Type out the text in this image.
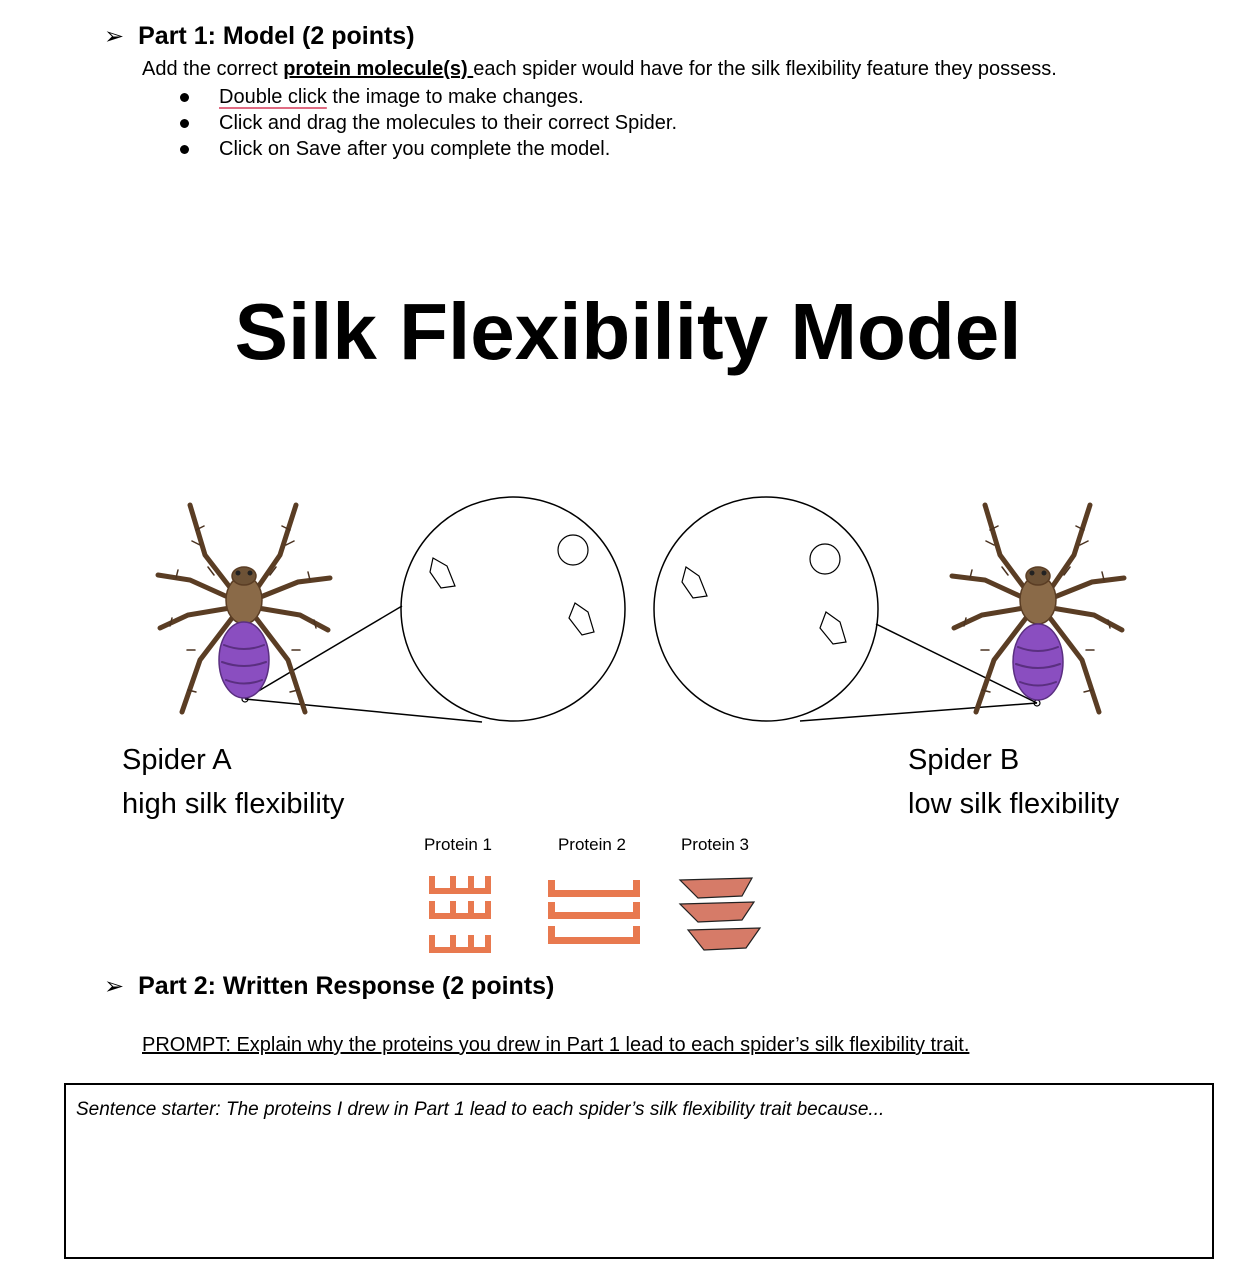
➢ Part 1: Model (2 points)
Add the correct protein molecule(s) each spider would have for the silk flexibility feature they possess.
Double click the image to make changes.
Click and drag the molecules to their correct Spider.
Click on Save after you complete the model.
Silk Flexibility Model
Spider A
high silk flexibility
Spider B
low silk flexibility
Protein 1	Protein 2	Protein 3
➢ Part 2: Written Response (2 points)
PROMPT: Explain why the proteins you drew in Part 1 lead to each spider’s silk flexibility trait.
Sentence starter: The proteins I drew in Part 1 lead to each spider’s silk flexibility trait because...
